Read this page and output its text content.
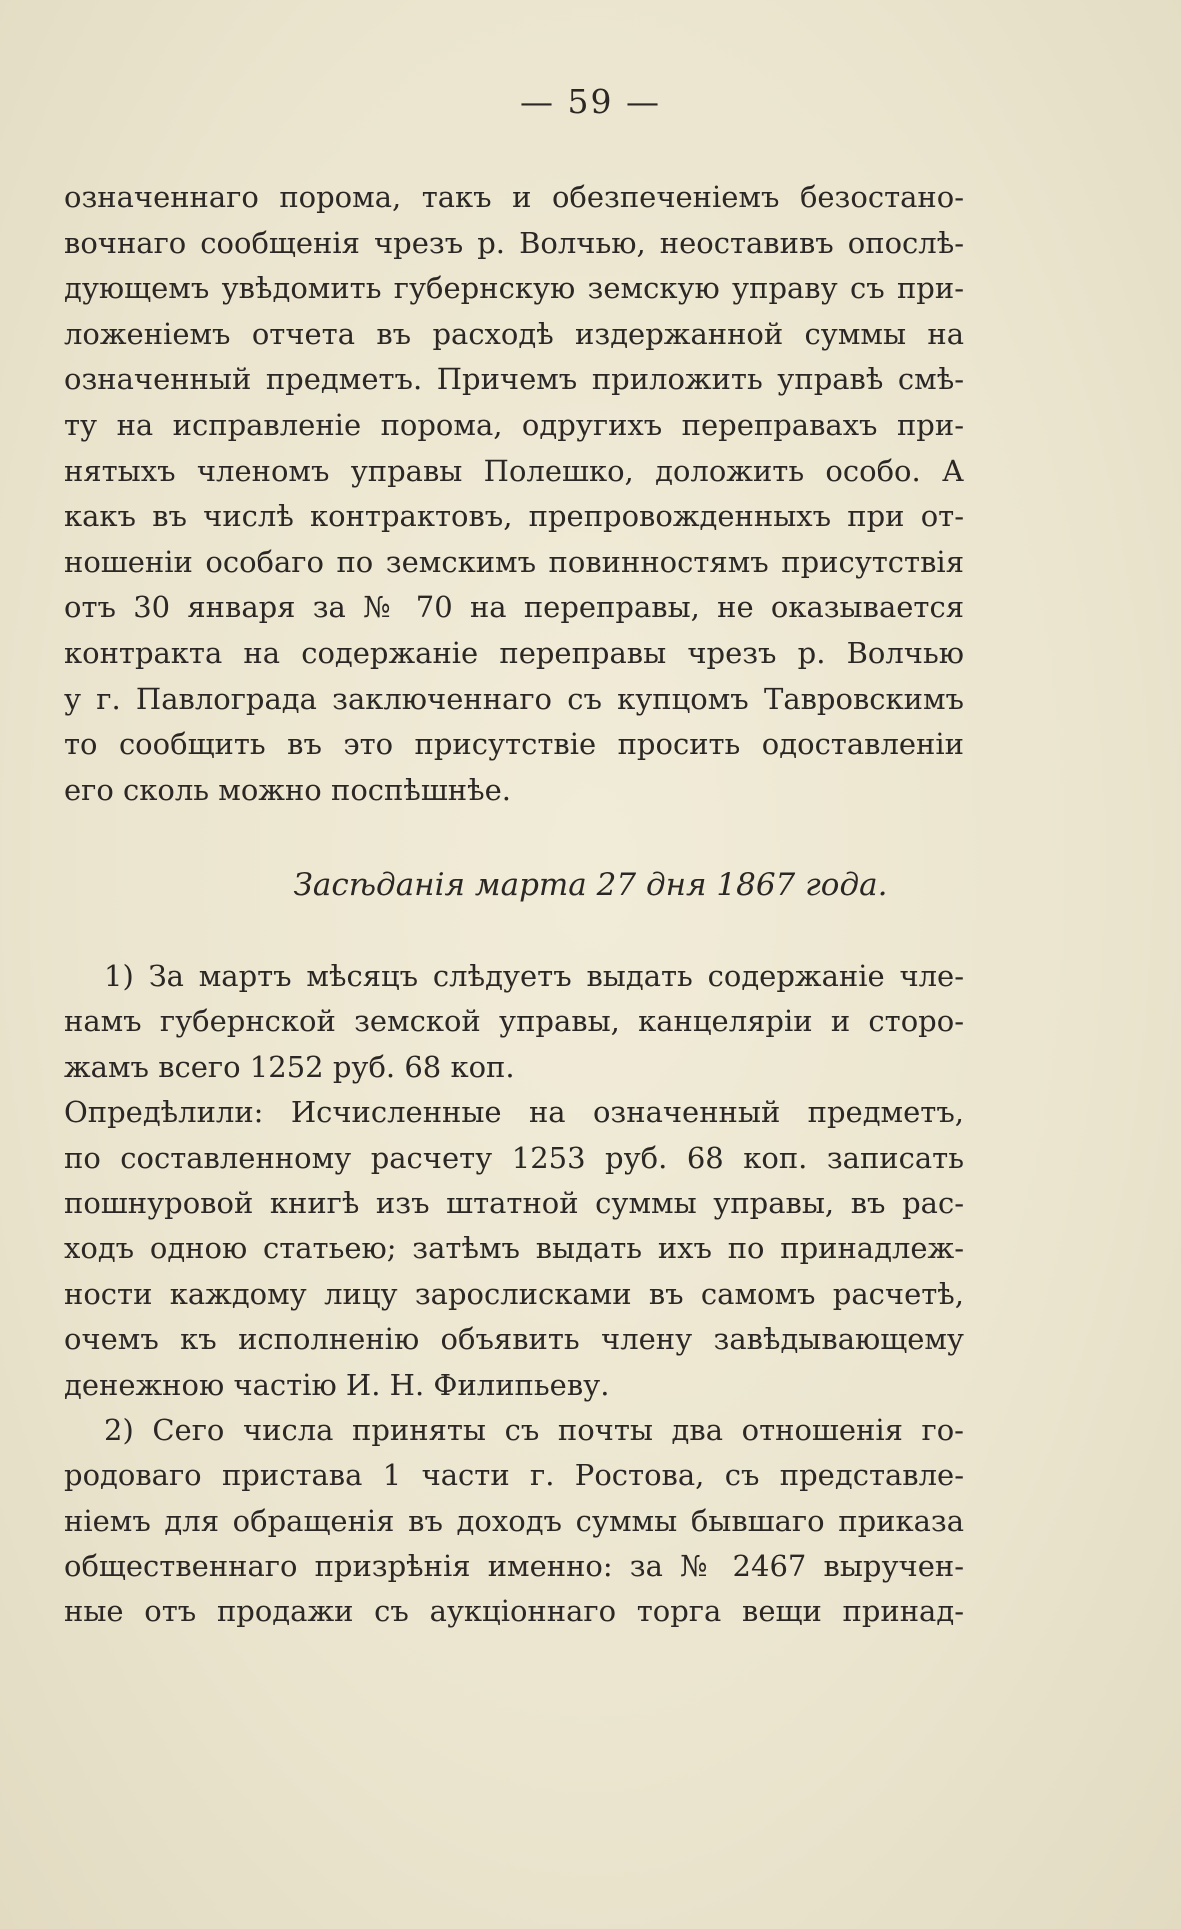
— 59 —
означеннаго порома, такъ и обезпеченіемъ безостано-
вочнаго сообщенія чрезъ р. Волчью, неоставивъ опослѣ-
дующемъ увѣдомить губернскую земскую управу съ при-
ложеніемъ отчета въ расходѣ издержанной суммы на
означенный предметъ. Причемъ приложить управѣ смѣ-
ту на исправленіе порома, одругихъ переправахъ при-
нятыхъ членомъ управы Полешко, доложить особо. А
какъ въ числѣ контрактовъ, препровожденныхъ при от-
ношеніи особаго по земскимъ повинностямъ присутствія
отъ 30 января за № 70 на переправы, не оказывается
контракта на содержаніе переправы чрезъ р. Волчью
у г. Павлограда заключеннаго съ купцомъ Тавровскимъ
то сообщить въ это присутствіе просить одоставленіи
его сколь можно поспѣшнѣе.
Засѣданія марта 27 дня 1867 года.
1) За мартъ мѣсяцъ слѣдуетъ выдать содержаніе чле-
намъ губернской земской управы, канцеляріи и сторо-
жамъ всего 1252 руб. 68 коп.
Опредѣлили: Исчисленные на означенный предметъ,
по составленному расчету 1253 руб. 68 коп. записать
пошнуровой книгѣ изъ штатной суммы управы, въ рас-
ходъ одною статьею; затѣмъ выдать ихъ по принадлеж-
ности каждому лицу зарослисками въ самомъ расчетѣ,
очемъ къ исполненію объявить члену завѣдывающему
денежною частію И. Н. Филипьеву.
2) Сего числа приняты съ почты два отношенія го-
родоваго пристава 1 части г. Ростова, съ представле-
ніемъ для обращенія въ доходъ суммы бывшаго приказа
общественнаго призрѣнія именно: за № 2467 выручен-
ные отъ продажи съ аукціоннаго торга вещи принад-
